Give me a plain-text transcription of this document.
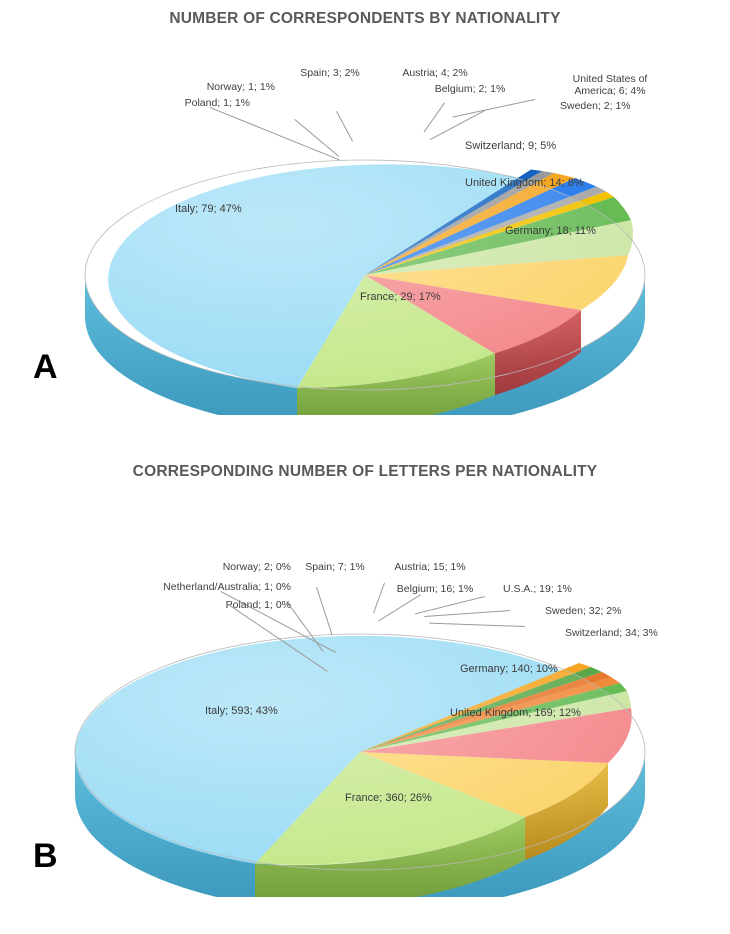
NUMBER OF CORRESPONDENTS BY NATIONALITY
A
Poland; 1; 1%
Norway; 1; 1%
Spain; 3; 2%	Austria; 4; 2%
Belgium; 2; 1%
United States of America; 6; 4%
Sweden; 2; 1%
Switzerland; 9; 5%
United Kingdom; 14; 8%
Germany; 18; 11%
France; 29; 17%
Italy; 79; 47%
CORRESPONDING NUMBER OF LETTERS PER NATIONALITY
B
Netherland/Australia; 1; 0%
Poland; 1; 0%
Norway; 2; 0%	Spain; 7; 1%	Austria; 15; 1%
Belgium; 16; 1%	U.S.A.; 19; 1%
Sweden; 32; 2%
Switzerland; 34; 3%
Germany; 140; 10%
United Kingdom; 169; 12%
France; 360; 26%
Italy; 593; 43%
